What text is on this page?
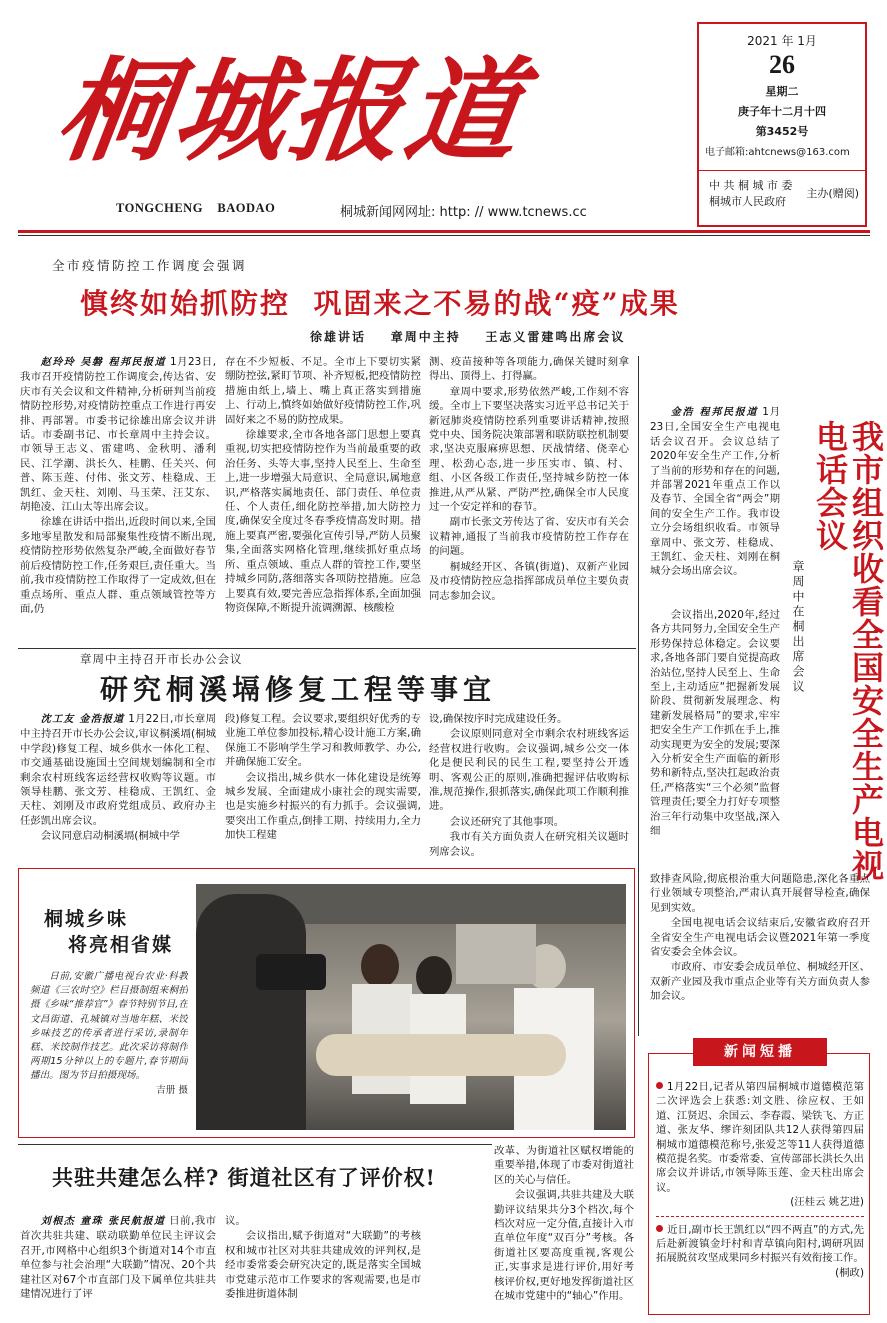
桐城报道
TONGCHENG    BAODAO	桐城新闻网网址: http: // www.tcnews.cc
2021 年 1月
26
星期二
庚子年十二月十四
第3452号
电子邮箱:ahtcnews@163.com
中 共 桐 城 市 委
桐城市人民政府
主办(赠阅)
全市疫情防控工作调度会强调
慎终如始抓防控  巩固来之不易的战“疫”成果
徐雄讲话    章周中主持    王志义雷建鸣出席会议

赵玲玲 吴磐 程邦民报道 1月23日,我市召开疫情防控工作调度会,传达省、安庆市有关会议和文件精神,分析研判当前疫情防控形势,对疫情防控重点工作进行再安排、再部署。市委书记徐雄出席会议并讲话。市委副书记、市长章周中主持会议。市领导王志义、雷建鸣、金秋明、潘利民、江学潮、洪长久、桂鹏、任关兴、何普、陈玉莲、付伟、张文芳、桂稳成、王凯红、金天柱、刘刚、马玉荣、汪艾东、胡艳凌、江山太等出席会议。

徐雄在讲话中指出,近段时间以来,全国多地零星散发和局部聚集性疫情不断出现,疫情防控形势依然复杂严峻,全面做好春节前后疫情防控工作,任务艰巨,责任重大。当前,我市疫情防控工作取得了一定成效,但在重点场所、重点人群、重点领域管控等方面,仍

存在不少短板、不足。全市上下要切实紧绷防控弦,紧盯节项、补齐短板,把疫情防控措施由纸上,墙上、嘴上真正落实到措施上、行动上,慎终如始做好疫情防控工作,巩固好来之不易的防控成果。

徐雄要求,全市各地各部门思想上要真重视,切实把疫情防控作为当前最重要的政治任务、头等大事,坚持人民至上、生命至上,进一步增强大局意识、全局意识,属地意识,严格落实属地责任、部门责任、单位责任、个人责任,细化防控举措,加大防控力度,确保安全度过冬春季疫情高发时期。措施上要真严密,要强化宣传引导,严防人员聚集,全面落实网格化管理,继续抓好重点场所、重点领域、重点人群的管控工作,要坚持城乡同防,落细落实各项防控措施。应急上要真有效,要完善应急指挥体系,全面加强物资保障,不断提升流调溯源、核酸检

测、疫苗接种等各项能力,确保关键时刻拿得出、顶得上、打得赢。

章周中要求,形势依然严峻,工作刻不容缓。全市上下要坚决落实习近平总书记关于新冠肺炎疫情防控系列重要讲话精神,按照党中央、国务院决策部署和联防联控机制要求,坚决克服麻痹思想、厌战情绪、侥幸心理、松劲心态,进一步压实市、镇、村、组、小区各级工作责任,坚持城乡防控一体推进,从严从紧、严防严控,确保全市人民度过一个安定祥和的春节。

副市长张文芳传达了省、安庆市有关会议精神,通报了当前我市疫情防控工作存在的问题。

桐城经开区、各镇(街道)、双新产业园及市疫情防控应急指挥部成员单位主要负责同志参加会议。

章周中主持召开市长办公会议
研究桐溪塥修复工程等事宜

沈工友 金浩报道 1月22日,市长章周中主持召开市长办公会议,审议桐溪塥(桐城中学段)修复工程、城乡供水一体化工程、市交通基础设施国土空间规划编制和全市剩余农村班线客运经营权收购等议题。市领导桂鹏、张文芳、桂稳成、王凯红、金天柱、刘刚及市政府党组成员、政府办主任彭凯出席会议。

会议同意启动桐溪塥(桐城中学

段)修复工程。会议要求,要组织好优秀的专业施工单位参加投标,精心设计施工方案,确保施工不影响学生学习和教师教学、办公,并确保施工安全。

会议指出,城乡供水一体化建设是统筹城乡发展、全面建成小康社会的现实需要,也是实施乡村振兴的有力抓手。会议强调,要突出工作重点,倒排工期、持续用力,全力加快工程建

设,确保按序时完成建设任务。

会议原则同意对全市剩余农村班线客运经营权进行收购。会议强调,城乡公交一体化是便民利民的民生工程,要坚持公开透明、客观公正的原则,准确把握评估收购标准,规范操作,狠抓落实,确保此项工作顺利推进。

会议还研究了其他事项。

我市有关方面负责人在研究相关议题时列席会议。

金浩 程邦民报道 1月23日,全国安全生产电视电话会议召开。会议总结了2020年安全生产工作,分析了当前的形势和存在的问题,并部署2021年重点工作以及春节、全国全省“两会”期间的安全生产工作。我市设立分会场组织收看。市领导章周中、张文芳、桂稳成、王凯红、金天柱、刘刚在桐城分会场出席会议。	我市组织收看全国安全生产电视电话会议
章周中在桐出席会议

会议指出,2020年,经过各方共同努力,全国安全生产形势保持总体稳定。会议要求,各地各部门要自觉提高政治站位,坚持人民至上、生命至上,主动适应“把握新发展阶段、贯彻新发展理念、构建新发展格局”的要求,牢牢把安全生产工作抓在手上,推动实现更为安全的发展;要深入分析安全生产面临的新形势和新特点,坚决扛起政治责任,严格落实“三个必须”监督管理责任;要全力打好专项整治三年行动集中攻坚战,深入细

致排查风险,彻底根治重大问题隐患,深化各重点行业领域专项整治,严肃认真开展督导检查,确保见到实效。

全国电视电话会议结束后,安徽省政府召开全省安全生产电视电话会议暨2021年第一季度省安委会全体会议。

市政府、市安委会成员单位、桐城经开区、双新产业园及我市重点企业等有关方面负责人参加会议。

桐城乡味
将亮相省媒
日前,安徽广播电视台农业·科教频道《三农时空》栏目摄制组来桐拍摄《乡味“推荐官”》春节特别节目,在文昌街道、孔城镇对当地年糕、米饺乡味技艺的传承者进行采访,录制年糕、米饺制作技艺。此次采访将制作两期15分钟以上的专题片,春节期间播出。图为节目拍摄现场。
吉册 摄
共驻共建怎么样? 街道社区有了评价权!

刘根杰 童珠 张民航报道 日前,我市首次共驻共建、联动联勤单位民主评议会召开,市网格中心组织3个街道对14个市直单位参与社会治理“大联勤”情况、20个共建社区对67个市直部门及下属单位共驻共建情况进行了评

议。

会议指出,赋予街道对“大联勤”的考核权和城市社区对共驻共建成效的评判权,是经市委常委会研究决定的,既是落实全国城市党建示范市工作要求的客观需要,也是市委推进街道体制

改革、为街道社区赋权增能的重要举措,体现了市委对街道社区的关心与信任。

会议强调,共驻共建及大联勤评议结果共分3个档次,每个档次对应一定分值,直接计入市直单位年度“双百分”考核。各街道社区要高度重视,客观公正,实事求是进行评价,用好考核评价权,更好地发挥街道社区在城市党建中的“轴心”作用。

新闻短播

1月22日,记者从第四届桐城市道德模范第二次评选会上获悉:刘文胜、徐应权、王如道、江贤迟、余国云、李春霞、梁铁飞、方正道、张友华、缪许刻团队共12人获得第四届桐城市道德模范称号,张爱芝等11人获得道德模范提名奖。市委常委、宣传部部长洪长久出席会议并讲话,市领导陈玉莲、金天柱出席会议。
(汪桂云 姚艺进)

近日,副市长王凯红以“四不两直”的方式,先后赴新渡镇金圩村和青草镇向阳村,调研巩固拓展脱贫攻坚成果同乡村振兴有效衔接工作。
(桐政)
